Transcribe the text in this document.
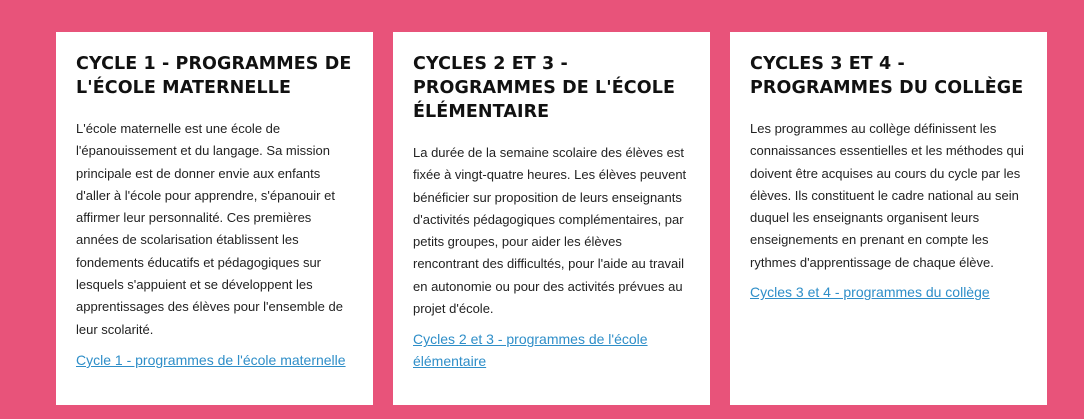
CYCLE 1 - PROGRAMMES DE L'ÉCOLE MATERNELLE

L'école maternelle est une école de l'épanouissement et du langage. Sa mission principale est de donner envie aux enfants d'aller à l'école pour apprendre, s'épanouir et affirmer leur personnalité. Ces premières années de scolarisation établissent les fondements éducatifs et pédagogiques sur lesquels s'appuient et se développent les apprentissages des élèves pour l'ensemble de leur scolarité.

Cycle 1 - programmes de l'école maternelle
CYCLES 2 ET 3 - PROGRAMMES DE L'ÉCOLE ÉLÉMENTAIRE

La durée de la semaine scolaire des élèves est fixée à vingt-quatre heures. Les élèves peuvent bénéficier sur proposition de leurs enseignants d'activités pédagogiques complémentaires, par petits groupes, pour aider les élèves rencontrant des difficultés, pour l'aide au travail en autonomie ou pour des activités prévues au projet d'école.

Cycles 2 et 3 - programmes de l'école élémentaire
CYCLES 3 ET 4 - PROGRAMMES DU COLLÈGE

Les programmes au collège définissent les connaissances essentielles et les méthodes qui doivent être acquises au cours du cycle par les élèves. Ils constituent le cadre national au sein duquel les enseignants organisent leurs enseignements en prenant en compte les rythmes d'apprentissage de chaque élève.

Cycles 3 et 4 - programmes du collège
